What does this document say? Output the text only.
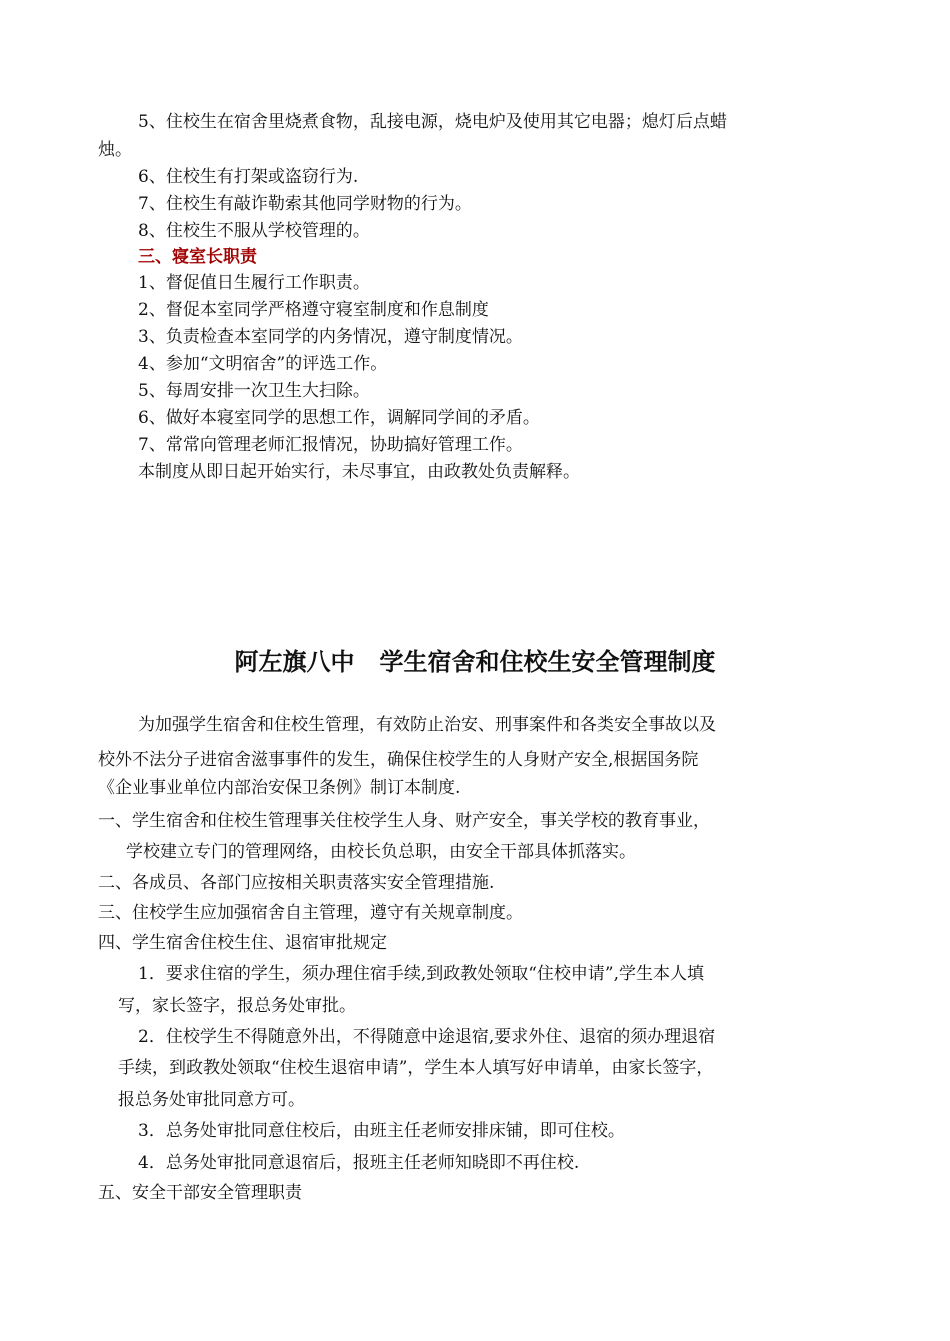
5、住校生在宿舍里烧煮食物，乱接电源，烧电炉及使用其它电器；熄灯后点蜡
烛。
6、住校生有打架或盗窃行为.
7、住校生有敲诈勒索其他同学财物的行为。
8、住校生不服从学校管理的。
三、寝室长职责
1、督促值日生履行工作职责。
2、督促本室同学严格遵守寝室制度和作息制度
3、负责检查本室同学的内务情况，遵守制度情况。
4、参加“文明宿舍”的评选工作。
5、每周安排一次卫生大扫除。
6、做好本寝室同学的思想工作，调解同学间的矛盾。
7、常常向管理老师汇报情况，协助搞好管理工作。
本制度从即日起开始实行，未尽事宜，由政教处负责解释。
阿左旗八中   学生宿舍和住校生安全管理制度
为加强学生宿舍和住校生管理，有效防止治安、刑事案件和各类安全事故以及
校外不法分子进宿舍滋事事件的发生，确保住校学生的人身财产安全,根据国务院
《企业事业单位内部治安保卫条例》制订本制度.
一、学生宿舍和住校生管理事关住校学生人身、财产安全，事关学校的教育事业，
学校建立专门的管理网络，由校长负总职，由安全干部具体抓落实。
二、各成员、各部门应按相关职责落实安全管理措施.
三、住校学生应加强宿舍自主管理，遵守有关规章制度。
四、学生宿舍住校生住、退宿审批规定
1．要求住宿的学生，须办理住宿手续,到政教处领取“住校申请”,学生本人填
写，家长签字，报总务处审批。
2．住校学生不得随意外出，不得随意中途退宿,要求外住、退宿的须办理退宿
手续，到政教处领取“住校生退宿申请”，学生本人填写好申请单，由家长签字，
报总务处审批同意方可。
3．总务处审批同意住校后，由班主任老师安排床铺，即可住校。
4．总务处审批同意退宿后，报班主任老师知晓即不再住校.
五、安全干部安全管理职责
